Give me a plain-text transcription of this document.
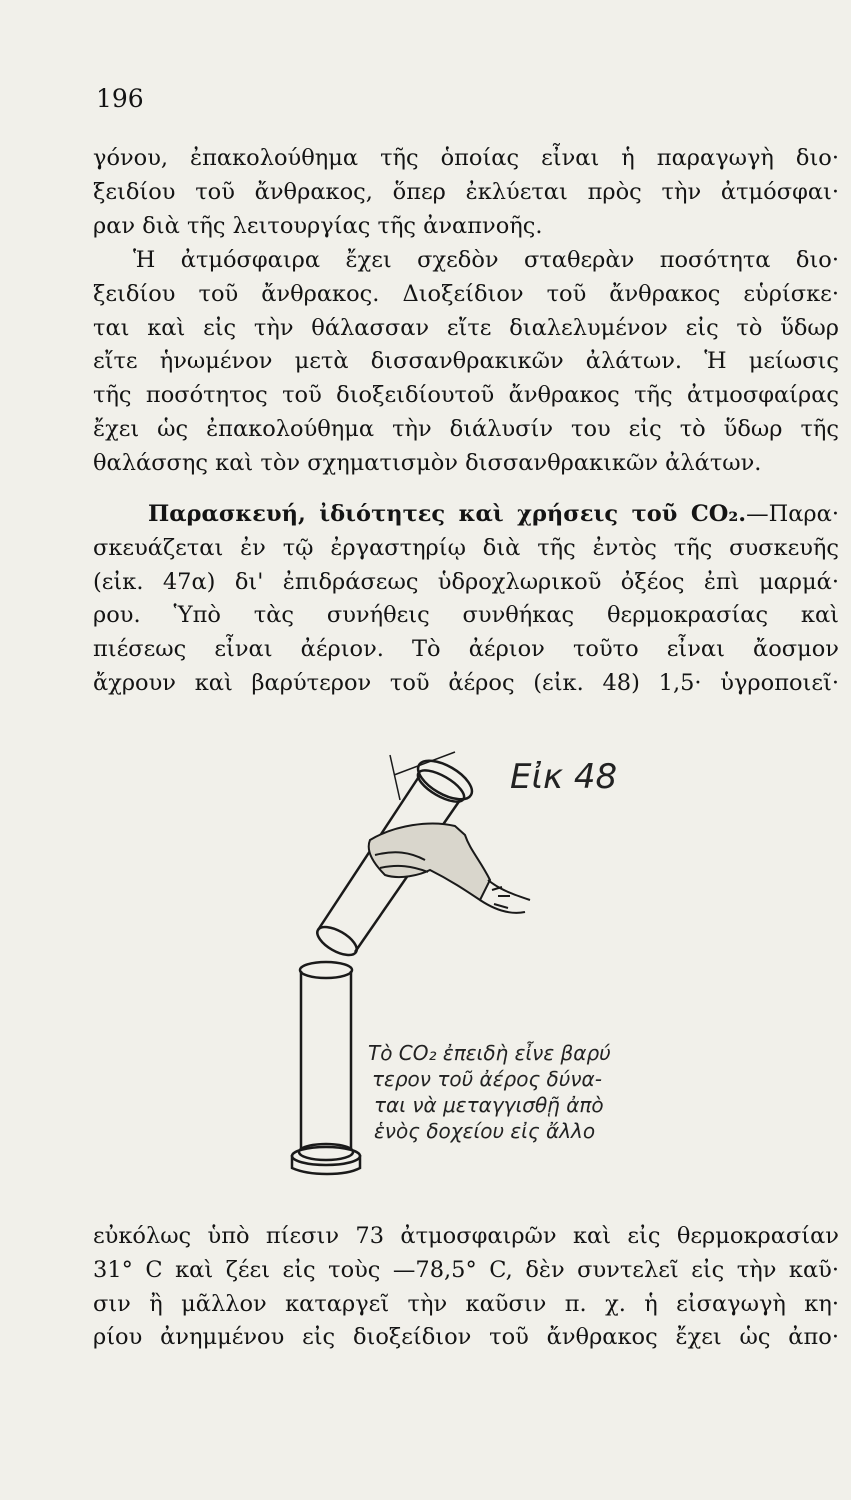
196

γόνου, ἐπακολούθημα τῆς ὁποίας εἶναι ἡ παραγωγὴ διο·
ξειδίου τοῦ ἄνθρακος, ὅπερ ἐκλύεται πρὸς τὴν ἀτμόσφαι·
ραν διὰ τῆς λειτουργίας τῆς ἀναπνοῆς.

Ἡ ἀτμόσφαιρα ἔχει σχεδὸν σταθερὰν ποσότητα διο·
ξειδίου τοῦ ἄνθρακος. Διοξείδιον τοῦ ἄνθρακος εὑρίσκε·
ται καὶ εἰς τὴν θάλασσαν εἴτε διαλελυμένον εἰς τὸ ὕδωρ
εἴτε ἡνωμένον μετὰ δισσανθρακικῶν ἀλάτων. Ἡ μείωσις
τῆς ποσότητος τοῦ διοξειδίουτοῦ ἄνθρακος τῆς ἀτμοσφαίρας
ἔχει ὡς ἐπακολούθημα τὴν διάλυσίν του εἰς τὸ ὕδωρ τῆς
θαλάσσης καὶ τὸν σχηματισμὸν δισσανθρακικῶν ἀλάτων.

Παρασκευή, ἰδιότητες καὶ χρήσεις τοῦ CO₂.—Παρα·
σκευάζεται ἐν τῷ ἐργαστηρίῳ διὰ τῆς ἐντὸς τῆς συσκευῆς
(εἰκ. 47α) δι' ἐπιδράσεως ὑδροχλωρικοῦ ὀξέος ἐπὶ μαρμά·
ρου. Ὑπὸ τὰς συνήθεις συνθήκας θερμοκρασίας καὶ
πιέσεως εἶναι ἀέριον. Τὸ ἀέριον τοῦτο εἶναι ἄοσμον
ἄχρουν καὶ βαρύτερον τοῦ ἀέρος (εἰκ. 48) 1,5· ὑγροποιεῖ·

Εἰκ 48
Τὸ CO₂ ἐπειδὴ εἶνε βαρύ
τερον τοῦ ἀέρος δύνα-
ται νὰ μεταγγισθῇ ἀπὸ
ἑνὸς δοχείου εἰς ἄλλο

εὐκόλως ὑπὸ πίεσιν 73 ἀτμοσφαιρῶν καὶ εἰς θερμοκρασίαν
31° C καὶ ζέει εἰς τοὺς —78,5° C, δὲν συντελεῖ εἰς τὴν καῦ·
σιν ἢ μᾶλλον καταργεῖ τὴν καῦσιν π. χ. ἡ εἰσαγωγὴ κη·
ρίου ἀνημμένου εἰς διοξείδιον τοῦ ἄνθρακος ἔχει ὡς ἀπο·
